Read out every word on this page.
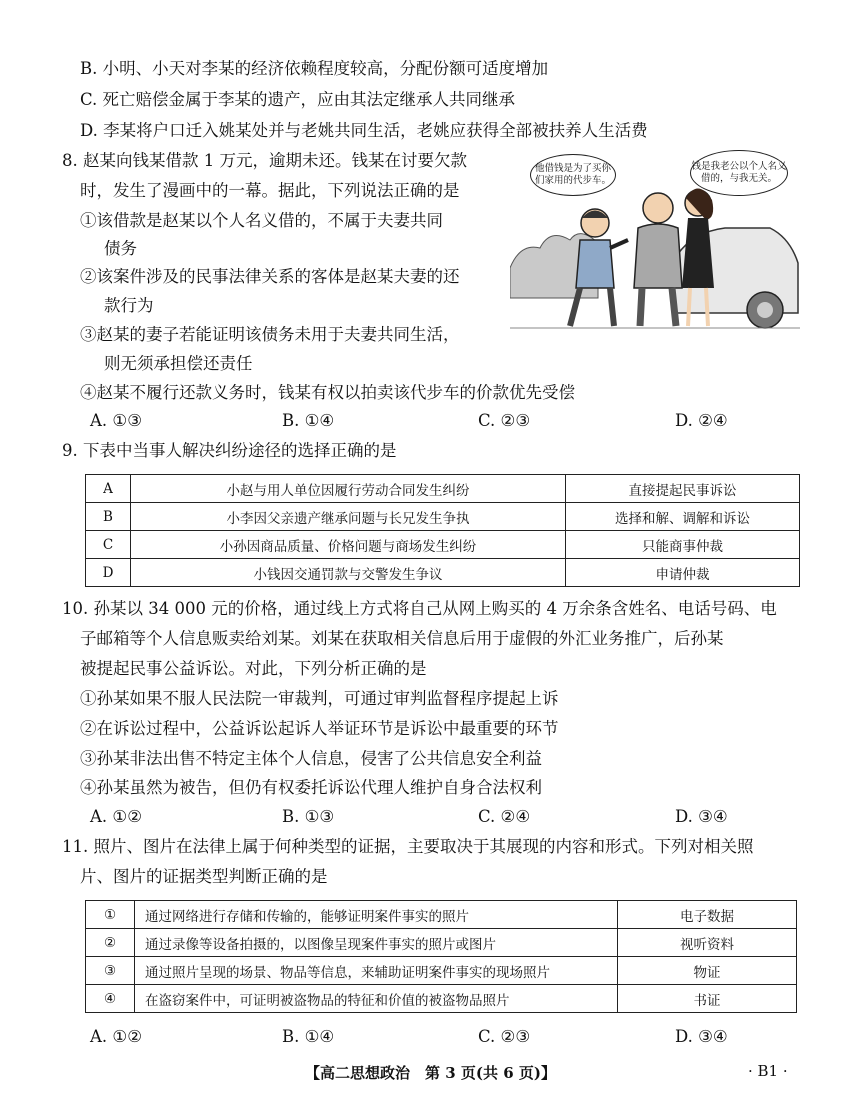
B. 小明、小天对李某的经济依赖程度较高，分配份额可适度增加
C. 死亡赔偿金属于李某的遗产，应由其法定继承人共同继承
D. 李某将户口迁入姚某处并与老姚共同生活，老姚应获得全部被扶养人生活费
8. 赵某向钱某借款 1 万元，逾期未还。钱某在讨要欠款
时，发生了漫画中的一幕。据此，下列说法正确的是
①该借款是赵某以个人名义借的，不属于夫妻共同
债务
②该案件涉及的民事法律关系的客体是赵某夫妻的还
款行为
③赵某的妻子若能证明该债务未用于夫妻共同生活，
则无须承担偿还责任
④赵某不履行还款义务时，钱某有权以拍卖该代步车的价款优先受偿
A. ①③	B. ①④	C. ②③	D. ②④
他借钱是为了买你们家用的代步车。
钱是我老公以个人名义借的，与我无关。
9. 下表中当事人解决纠纷途径的选择正确的是
A	小赵与用人单位因履行劳动合同发生纠纷	直接提起民事诉讼
B	小李因父亲遗产继承问题与长兄发生争执	选择和解、调解和诉讼
C	小孙因商品质量、价格问题与商场发生纠纷	只能商事仲裁
D	小钱因交通罚款与交警发生争议	申请仲裁
10. 孙某以 34 000 元的价格，通过线上方式将自己从网上购买的 4 万余条含姓名、电话号码、电
子邮箱等个人信息贩卖给刘某。刘某在获取相关信息后用于虚假的外汇业务推广，后孙某
被提起民事公益诉讼。对此，下列分析正确的是
①孙某如果不服人民法院一审裁判，可通过审判监督程序提起上诉
②在诉讼过程中，公益诉讼起诉人举证环节是诉讼中最重要的环节
③孙某非法出售不特定主体个人信息，侵害了公共信息安全利益
④孙某虽然为被告，但仍有权委托诉讼代理人维护自身合法权利
A. ①②	B. ①③	C. ②④	D. ③④
11. 照片、图片在法律上属于何种类型的证据，主要取决于其展现的内容和形式。下列对相关照
片、图片的证据类型判断正确的是
①	通过网络进行存储和传输的，能够证明案件事实的照片	电子数据
②	通过录像等设备拍摄的，以图像呈现案件事实的照片或图片	视听资料
③	通过照片呈现的场景、物品等信息，来辅助证明案件事实的现场照片	物证
④	在盗窃案件中，可证明被盗物品的特征和价值的被盗物品照片	书证
A. ①②	B. ①④	C. ②③	D. ③④
【高二思想政治　第 3 页(共 6 页)】	· B1 ·
